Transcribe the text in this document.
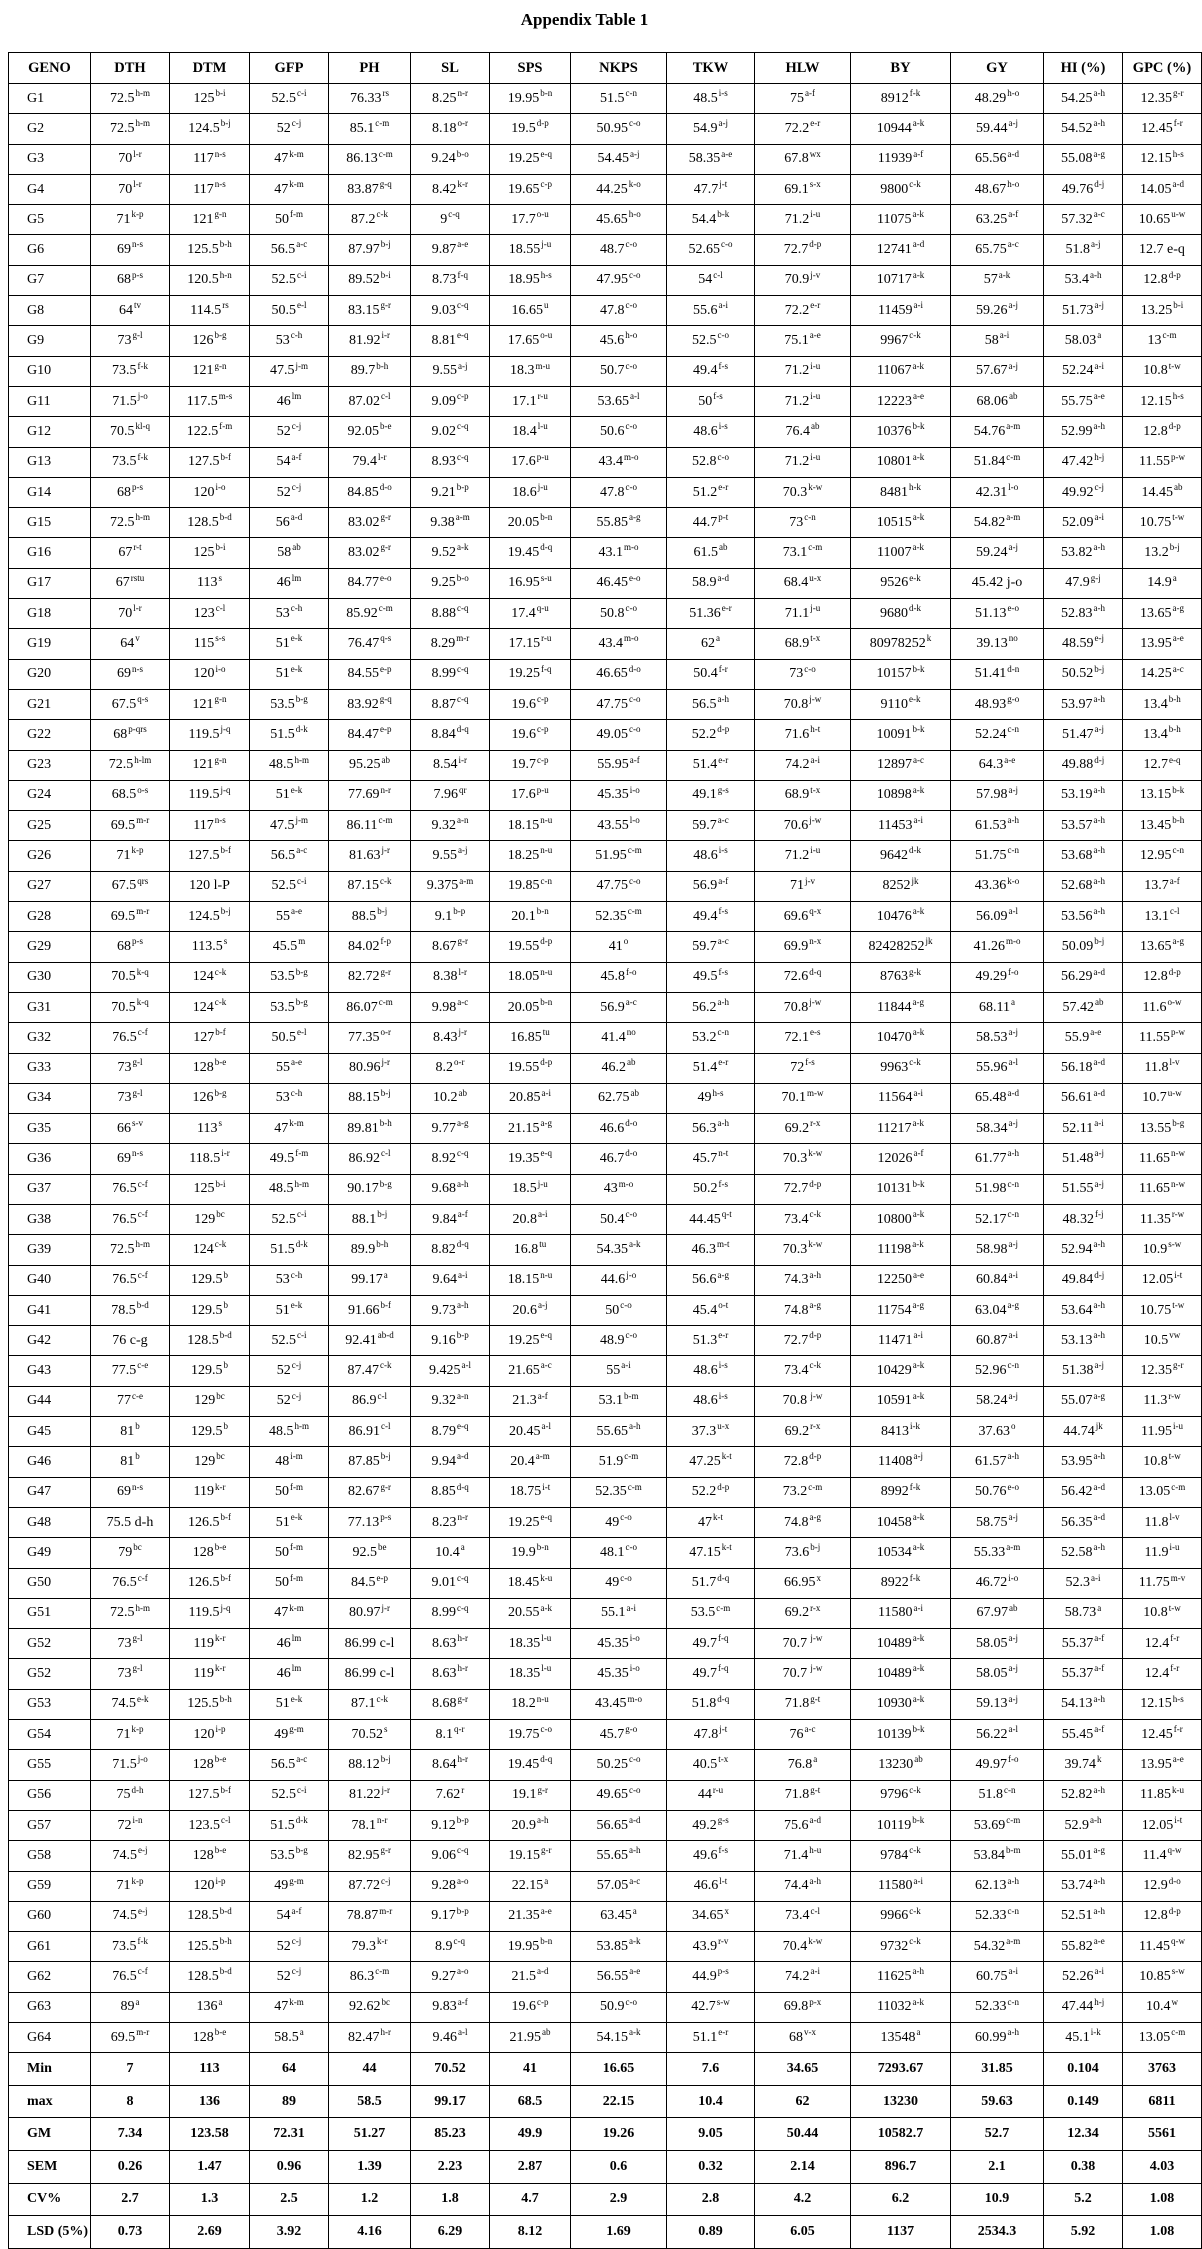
Appendix Table 1
GENO	DTH	DTM	GFP	PH	SL	SPS	NKPS	TKW	HLW	BY	GY	HI (%)	GPC (%)
G1	72.5$^{h-m}$	125$^{b-i}$	52.5$^{c-i}$	$76.33^{rs}$	8.25$^{n-r}$	19.95$^{b-n}$	51.5$^{c-n}$	48.5$^{i-s}$	75$^{a-f}$	8912$^{f-k}$	48.29$^{h-o}$	54.25$^{a-h}$	12.35$^{g-r}$
G2	72.5$^{h-m}$	124.5$^{b-j}$	52$^{c-j}$	85.1$^{c-m}$	8.18$^{o-r}$	19.5$^{d-p}$	50.95$^{c-o}$	54.9$^{a-j}$	72.2$^{e-r}$	10944$^{a-k}$	59.44$^{a-j}$	54.52$^{a-h}$	12.45$^{f-r}$
G3	70$^{l-r}$	117$^{n-s}$	47$^{k-m}$	86.13$^{c-m}$	9.24$^{b-o}$	19.25$^{e-q}$	54.45$^{a-j}$	58.35$^{a-e}$	$67.8^{wx}$	11939$^{a-f}$	65.56$^{a-d}$	55.08$^{a-g}$	12.15$^{h-s}$
G4	70$^{l-r}$	117$^{n-s}$	47$^{k-m}$	83.87$^{g-q}$	8.42$^{k-r}$	19.65$^{c-p}$	44.25$^{k-o}$	47.7$^{j-t}$	69.1$^{s-x}$	9800$^{c-k}$	48.67$^{h-o}$	49.76$^{d-j}$	14.05$^{a-d}$
G5	71$^{k-p}$	121$^{g-n}$	50$^{f-m}$	87.2$^{c-k}$	9$^{c-q}$	17.7$^{o-u}$	45.65$^{h-o}$	54.4$^{b-k}$	71.2$^{i-u}$	11075$^{a-k}$	63.25$^{a-f}$	57.32$^{a-c}$	10.65$^{u-w}$
G6	69$^{n-s}$	125.5$^{b-h}$	56.5$^{a-c}$	87.97$^{b-j}$	9.87$^{a-e}$	18.55$^{j-u}$	48.7$^{c-o}$	52.65$^{c-o}$	72.7$^{d-p}$	12741$^{a-d}$	65.75$^{a-c}$	51.8$^{a-j}$	12.7 e-q
G7	68$^{p-s}$	120.5$^{h-n}$	52.5$^{c-i}$	89.52$^{b-i}$	8.73$^{f-q}$	18.95$^{h-s}$	47.95$^{c-o}$	54$^{c-l}$	70.9$^{j-v}$	10717$^{a-k}$	57$^{a-k}$	53.4$^{a-h}$	12.8$^{d-p}$
G8	$64^{tv}$	$114.5^{rs}$	50.5$^{e-l}$	83.15$^{g-r}$	9.03$^{c-q}$	16.65$^u$	47.8$^{c-o}$	55.6$^{a-i}$	72.2$^{e-r}$	11459$^{a-i}$	59.26$^{a-j}$	51.73$^{a-j}$	13.25$^{b-i}$
G9	73$^{g-l}$	126$^{b-g}$	53$^{c-h}$	81.92$^{i-r}$	8.81$^{e-q}$	17.65$^{o-u}$	45.6$^{h-o}$	52.5$^{c-o}$	75.1$^{a-e}$	9967$^{c-k}$	58$^{a-i}$	58.03$^a$	13$^{c-m}$
G10	73.5$^{f-k}$	121$^{g-n}$	47.5$^{j-m}$	89.7$^{b-h}$	9.55$^{a-j}$	18.3$^{m-u}$	50.7$^{c-o}$	49.4$^{f-s}$	71.2$^{i-u}$	11067$^{a-k}$	57.67$^{a-j}$	52.24$^{a-i}$	10.8$^{t-w}$
G11	71.5$^{j-o}$	117.5$^{m-s}$	$46^{lm}$	87.02$^{c-l}$	9.09$^{c-p}$	17.1$^{r-u}$	53.65$^{a-l}$	50$^{f-s}$	71.2$^{i-u}$	12223$^{a-e}$	68.06$^{ab}$	55.75$^{a-e}$	12.15$^{h-s}$
G12	$70.5^{kl-q}$	122.5$^{f-m}$	52$^{c-j}$	92.05$^{b-e}$	9.02$^{c-q}$	18.4$^{l-u}$	50.6$^{c-o}$	48.6$^{i-s}$	76.4$^{ab}$	10376$^{b-k}$	54.76$^{a-m}$	52.99$^{a-h}$	12.8$^{d-p}$
G13	73.5$^{f-k}$	127.5$^{b-f}$	54$^{a-f}$	79.4$^{l-r}$	8.93$^{c-q}$	17.6$^{p-u}$	43.4$^{m-o}$	52.8$^{c-o}$	71.2$^{i-u}$	10801$^{a-k}$	51.84$^{c-m}$	47.42$^{h-j}$	11.55$^{p-w}$
G14	68$^{p-s}$	120$^{i-o}$	52$^{c-j}$	84.85$^{d-o}$	9.21$^{b-p}$	18.6$^{j-u}$	47.8$^{c-o}$	51.2$^{e-r}$	70.3$^{k-w}$	8481$^{h-k}$	42.31$^{l-o}$	49.92$^{c-j}$	14.45$^{ab}$
G15	72.5$^{h-m}$	128.5$^{b-d}$	56$^{a-d}$	83.02$^{g-r}$	9.38$^{a-m}$	20.05$^{b-n}$	55.85$^{a-g}$	44.7$^{p-t}$	73$^{c-n}$	10515$^{a-k}$	54.82$^{a-m}$	52.09$^{a-i}$	10.75$^{t-w}$
G16	67$^{r-t}$	125$^{b-i}$	$58^{ab}$	83.02$^{g-r}$	9.52$^{a-k}$	19.45$^{d-q}$	43.1$^{m-o}$	61.5$^{ab}$	73.1$^{c-m}$	11007$^{a-k}$	59.24$^{a-j}$	53.82$^{a-h}$	13.2$^{b-j}$
G17	$67^{rstu}$	113$^s$	$46^{lm}$	84.77$^{e-o}$	9.25$^{b-o}$	16.95$^{s-u}$	46.45$^{e-o}$	58.9$^{a-d}$	68.4$^{u-x}$	9526$^{e-k}$	45.42 j-o	47.9$^{g-j}$	14.9$^a$
G18	70$^{l-r}$	123$^{c-l}$	53$^{c-h}$	85.92$^{c-m}$	8.88$^{c-q}$	17.4$^{q-u}$	50.8$^{c-o}$	51.36$^{e-r}$	71.1$^{j-u}$	9680$^{d-k}$	51.13$^{e-o}$	52.83$^{a-h}$	13.65$^{a-g}$
G19	64$^v$	115$^{s-s}$	51$^{e-k}$	76.47$^{q-s}$	8.29$^{m-r}$	17.15$^{r-u}$	43.4$^{m-o}$	62$^a$	68.9$^{t-x}$	80978252$^k$	$39.13^{no}$	48.59$^{e-j}$	13.95$^{a-e}$
G20	69$^{n-s}$	120$^{i-o}$	51$^{e-k}$	84.55$^{e-p}$	8.99$^{c-q}$	19.25$^{f-q}$	46.65$^{d-o}$	50.4$^{f-r}$	73$^{c-o}$	10157$^{b-k}$	51.41$^{d-n}$	50.52$^{b-j}$	14.25$^{a-c}$
G21	67.5$^{q-s}$	121$^{g-n}$	53.5$^{b-g}$	83.92$^{g-q}$	8.87$^{c-q}$	19.6$^{c-p}$	47.75$^{c-o}$	56.5$^{a-h}$	70.8$^{j-w}$	9110$^{e-k}$	48.93$^{g-o}$	53.97$^{a-h}$	13.4$^{b-h}$
G22	$68^{p-qrs}$	119.5$^{j-q}$	51.5$^{d-k}$	84.47$^{e-p}$	8.84$^{d-q}$	19.6$^{c-p}$	49.05$^{c-o}$	52.2$^{d-p}$	71.6$^{h-t}$	10091$^{b-k}$	52.24$^{c-n}$	51.47$^{a-j}$	13.4$^{b-h}$
G23	$72.5^{h-lm}$	121$^{g-n}$	48.5$^{h-m}$	95.25$^{ab}$	8.54$^{i-r}$	19.7$^{c-p}$	55.95$^{a-f}$	51.4$^{e-r}$	74.2$^{a-i}$	12897$^{a-c}$	64.3$^{a-e}$	49.88$^{d-j}$	12.7$^{e-q}$
G24	68.5$^{o-s}$	119.5$^{j-q}$	51$^{e-k}$	77.69$^{n-r}$	$7.96^{qr}$	17.6$^{p-u}$	45.35$^{i-o}$	49.1$^{g-s}$	68.9$^{t-x}$	10898$^{a-k}$	57.98$^{a-j}$	53.19$^{a-h}$	13.15$^{b-k}$
G25	69.5$^{m-r}$	117$^{n-s}$	47.5$^{j-m}$	86.11$^{c-m}$	9.32$^{a-n}$	18.15$^{n-u}$	43.55$^{l-o}$	59.7$^{a-c}$	70.6$^{j-w}$	11453$^{a-i}$	61.53$^{a-h}$	53.57$^{a-h}$	13.45$^{b-h}$
G26	71$^{k-p}$	127.5$^{b-f}$	56.5$^{a-c}$	81.63$^{j-r}$	9.55$^{a-j}$	18.25$^{n-u}$	51.95$^{c-m}$	48.6$^{i-s}$	71.2$^{i-u}$	9642$^{d-k}$	51.75$^{c-n}$	53.68$^{a-h}$	12.95$^{c-n}$
G27	$67.5^{qrs}$	120 l-P	52.5$^{c-i}$	87.15$^{c-k}$	9.375$^{a-m}$	19.85$^{c-n}$	47.75$^{c-o}$	56.9$^{a-f}$	71$^{j-v}$	$8252^{jk}$	43.36$^{k-o}$	52.68$^{a-h}$	13.7$^{a-f}$
G28	69.5$^{m-r}$	124.5$^{b-j}$	55$^{a-e}$	88.5$^{b-j}$	9.1$^{b-p}$	20.1$^{b-n}$	52.35$^{c-m}$	49.4$^{f-s}$	69.6$^{q-x}$	10476$^{a-k}$	56.09$^{a-l}$	53.56$^{a-h}$	13.1$^{c-l}$
G29	68$^{p-s}$	113.5$^s$	45.5$^m$	84.02$^{f-p}$	8.67$^{g-r}$	19.55$^{d-p}$	41$^o$	59.7$^{a-c}$	69.9$^{n-x}$	$82428252^{jk}$	41.26$^{m-o}$	50.09$^{b-j}$	13.65$^{a-g}$
G30	70.5$^{k-q}$	124$^{c-k}$	53.5$^{b-g}$	82.72$^{g-r}$	8.38$^{l-r}$	18.05$^{n-u}$	45.8$^{f-o}$	49.5$^{f-s}$	72.6$^{d-q}$	8763$^{g-k}$	49.29$^{f-o}$	56.29$^{a-d}$	12.8$^{d-p}$
G31	70.5$^{k-q}$	124$^{c-k}$	53.5$^{b-g}$	86.07$^{c-m}$	9.98$^{a-c}$	20.05$^{b-n}$	56.9$^{a-c}$	56.2$^{a-h}$	70.8$^{j-w}$	11844$^{a-g}$	68.11$^a$	57.42$^{ab}$	11.6$^{o-w}$
G32	76.5$^{c-f}$	127$^{b-f}$	50.5$^{e-l}$	77.35$^{o-r}$	8.43$^{j-r}$	$16.85^{tu}$	$41.4^{no}$	53.2$^{c-n}$	72.1$^{e-s}$	10470$^{a-k}$	58.53$^{a-j}$	55.9$^{a-e}$	11.55$^{p-w}$
G33	73$^{g-l}$	128$^{b-e}$	55$^{a-e}$	80.96$^{j-r}$	8.2$^{o-r}$	19.55$^{d-p}$	46.2$^{ab}$	51.4$^{e-r}$	72$^{f-s}$	9963$^{c-k}$	55.96$^{a-l}$	56.18$^{a-d}$	11.8$^{l-v}$
G34	73$^{g-l}$	126$^{b-g}$	53$^{c-h}$	88.15$^{b-j}$	10.2$^{ab}$	20.85$^{a-i}$	62.75$^{ab}$	49$^{h-s}$	70.1$^{m-w}$	11564$^{a-i}$	65.48$^{a-d}$	56.61$^{a-d}$	10.7$^{u-w}$
G35	66$^{s-v}$	113$^s$	47$^{k-m}$	89.81$^{b-h}$	9.77$^{a-g}$	21.15$^{a-g}$	46.6$^{d-o}$	56.3$^{a-h}$	69.2$^{r-x}$	11217$^{a-k}$	58.34$^{a-j}$	52.11$^{a-i}$	13.55$^{b-g}$
G36	69$^{n-s}$	118.5$^{i-r}$	49.5$^{f-m}$	86.92$^{c-l}$	8.92$^{c-q}$	19.35$^{e-q}$	46.7$^{d-o}$	45.7$^{n-t}$	70.3$^{k-w}$	12026$^{a-f}$	61.77$^{a-h}$	51.48$^{a-j}$	11.65$^{n-w}$
G37	76.5$^{c-f}$	125$^{b-i}$	48.5$^{h-m}$	90.17$^{b-g}$	9.68$^{a-h}$	18.5$^{j-u}$	43$^{m-o}$	50.2$^{f-s}$	72.7$^{d-p}$	10131$^{b-k}$	51.98$^{c-n}$	51.55$^{a-j}$	11.65$^{n-w}$
G38	76.5$^{c-f}$	$129^{bc}$	52.5$^{c-i}$	88.1$^{b-j}$	9.84$^{a-f}$	20.8$^{a-i}$	50.4$^{c-o}$	44.45$^{q-t}$	73.4$^{c-k}$	10800$^{a-k}$	52.17$^{c-n}$	48.32$^{f-j}$	11.35$^{r-w}$
G39	72.5$^{h-m}$	124$^{c-k}$	51.5$^{d-k}$	89.9$^{b-h}$	8.82$^{d-q}$	$16.8^{tu}$	54.35$^{a-k}$	46.3$^{m-t}$	70.3$^{k-w}$	11198$^{a-k}$	58.98$^{a-j}$	52.94$^{a-h}$	10.9$^{s-w}$
G40	76.5$^{c-f}$	129.5$^b$	53$^{c-h}$	99.17$^a$	9.64$^{a-i}$	18.15$^{n-u}$	44.6$^{j-o}$	56.6$^{a-g}$	74.3$^{a-h}$	12250$^{a-e}$	60.84$^{a-i}$	49.84$^{d-j}$	12.05$^{i-t}$
G41	78.5$^{b-d}$	129.5$^b$	51$^{e-k}$	91.66$^{b-f}$	9.73$^{a-h}$	20.6$^{a-j}$	50$^{c-o}$	45.4$^{o-t}$	74.8$^{a-g}$	11754$^{a-g}$	63.04$^{a-g}$	53.64$^{a-h}$	10.75$^{t-w}$
G42	76 c-g	128.5$^{b-d}$	52.5$^{c-i}$	$92.41^{ab-d}$	9.16$^{b-p}$	19.25$^{e-q}$	48.9$^{c-o}$	51.3$^{e-r}$	72.7$^{d-p}$	11471$^{a-i}$	60.87$^{a-i}$	53.13$^{a-h}$	$10.5^{vw}$
G43	77.5$^{c-e}$	129.5$^b$	52$^{c-j}$	87.47$^{c-k}$	9.425$^{a-l}$	21.65$^{a-c}$	55$^{a-i}$	48.6$^{i-s}$	73.4$^{c-k}$	10429$^{a-k}$	52.96$^{c-n}$	51.38$^{a-j}$	12.35$^{g-r}$
G44	77$^{c-e}$	$129^{bc}$	52$^{c-j}$	86.9$^{c-l}$	9.32$^{a-n}$	21.3$^{a-f}$	53.1$^{b-m}$	48.6$^{i-s}$	70.8 $^{j-w}$	10591$^{a-k}$	58.24$^{a-j}$	55.07$^{a-g}$	11.3$^{r-w}$
G45	81$^b$	129.5$^b$	48.5$^{h-m}$	86.91$^{c-l}$	8.79$^{e-q}$	20.45$^{a-l}$	55.65$^{a-h}$	37.3$^{u-x}$	69.2$^{r-x}$	8413$^{i-k}$	37.63$^o$	$44.74^{jk}$	11.95$^{i-u}$
G46	81$^b$	$129^{bc}$	48$^{i-m}$	87.85$^{b-j}$	9.94$^{a-d}$	20.4$^{a-m}$	51.9$^{c-m}$	47.25$^{k-t}$	72.8$^{d-p}$	11408$^{a-j}$	61.57$^{a-h}$	53.95$^{a-h}$	10.8$^{t-w}$
G47	69$^{n-s}$	119$^{k-r}$	50$^{f-m}$	82.67$^{g-r}$	8.85$^{d-q}$	18.75$^{i-t}$	52.35$^{c-m}$	52.2$^{d-p}$	73.2$^{c-m}$	8992$^{f-k}$	50.76$^{e-o}$	56.42$^{a-d}$	13.05$^{c-m}$
G48	75.5 d-h	126.5$^{b-f}$	51$^{e-k}$	77.13$^{p-s}$	8.23$^{n-r}$	19.25$^{e-q}$	49$^{c-o}$	47$^{k-t}$	74.8$^{a-g}$	10458$^{a-k}$	58.75$^{a-j}$	56.35$^{a-d}$	11.8$^{l-v}$
G49	$79^{bc}$	128$^{b-e}$	50$^{f-m}$	92.5$^{be}$	10.4$^a$	19.9$^{b-n}$	48.1$^{c-o}$	47.15$^{k-t}$	73.6$^{b-j}$	10534$^{a-k}$	55.33$^{a-m}$	52.58$^{a-h}$	11.9$^{i-u}$
G50	76.5$^{c-f}$	126.5$^{b-f}$	50$^{f-m}$	84.5$^{e-p}$	9.01$^{c-q}$	18.45$^{k-u}$	49$^{c-o}$	51.7$^{d-q}$	66.95$^x$	8922$^{f-k}$	46.72$^{i-o}$	52.3$^{a-i}$	11.75$^{m-v}$
G51	72.5$^{h-m}$	119.5$^{j-q}$	47$^{k-m}$	80.97$^{j-r}$	8.99$^{c-q}$	20.55$^{a-k}$	55.1$^{a-i}$	53.5$^{c-m}$	69.2$^{r-x}$	11580$^{a-i}$	67.97$^{ab}$	58.73$^a$	10.8$^{t-w}$
G52	73$^{g-l}$	119$^{k-r}$	$46^{lm}$	86.99 c-l	8.63$^{h-r}$	18.35$^{l-u}$	45.35$^{i-o}$	49.7$^{f-q}$	70.7 $^{j-w}$	10489$^{a-k}$	58.05$^{a-j}$	55.37$^{a-f}$	12.4$^{f-r}$
G52	73$^{g-l}$	119$^{k-r}$	$46^{lm}$	86.99 c-l	8.63$^{h-r}$	18.35$^{l-u}$	45.35$^{i-o}$	49.7$^{f-q}$	70.7 $^{j-w}$	10489$^{a-k}$	58.05$^{a-j}$	55.37$^{a-f}$	12.4$^{f-r}$
G53	74.5$^{e-k}$	125.5$^{b-h}$	51$^{e-k}$	87.1$^{c-k}$	8.68$^{g-r}$	18.2$^{n-u}$	43.45$^{m-o}$	51.8$^{d-q}$	71.8$^{g-t}$	10930$^{a-k}$	59.13$^{a-j}$	54.13$^{a-h}$	12.15$^{h-s}$
G54	71$^{k-p}$	120$^{i-p}$	49$^{g-m}$	70.52$^s$	8.1$^{q-r}$	19.75$^{c-o}$	45.7$^{g-o}$	47.8$^{j-t}$	76$^{a-c}$	10139$^{b-k}$	56.22$^{a-l}$	55.45$^{a-f}$	12.45$^{f-r}$
G55	71.5$^{j-o}$	128$^{b-e}$	56.5$^{a-c}$	88.12$^{b-j}$	8.64$^{h-r}$	19.45$^{d-q}$	50.25$^{c-o}$	40.5$^{t-x}$	76.8$^a$	$13230^{ab}$	49.97$^{f-o}$	39.74$^k$	13.95$^{a-e}$
G56	75$^{d-h}$	127.5$^{b-f}$	52.5$^{c-i}$	81.22$^{j-r}$	7.62$^r$	19.1$^{g-r}$	49.65$^{c-o}$	44$^{r-u}$	71.8$^{g-t}$	9796$^{c-k}$	51.8$^{c-n}$	52.82$^{a-h}$	11.85$^{k-u}$
G57	72$^{i-n}$	123.5$^{c-l}$	51.5$^{d-k}$	78.1$^{n-r}$	9.12$^{b-p}$	20.9$^{a-h}$	56.65$^{a-d}$	49.2$^{g-s}$	75.6$^{a-d}$	10119$^{b-k}$	53.69$^{c-m}$	52.9$^{a-h}$	12.05$^{i-t}$
G58	74.5$^{e-j}$	128$^{b-e}$	53.5$^{b-g}$	82.95$^{g-r}$	9.06$^{c-q}$	19.15$^{g-r}$	55.65$^{a-h}$	49.6$^{f-s}$	71.4$^{h-u}$	9784$^{c-k}$	53.84$^{b-m}$	55.01$^{a-g}$	11.4$^{q-w}$
G59	71$^{k-p}$	120$^{i-p}$	49$^{g-m}$	87.72$^{c-j}$	9.28$^{a-o}$	22.15$^a$	57.05$^{a-c}$	46.6$^{l-t}$	74.4$^{a-h}$	11580$^{a-i}$	62.13$^{a-h}$	53.74$^{a-h}$	12.9$^{d-o}$
G60	74.5$^{e-j}$	128.5$^{b-d}$	54$^{a-f}$	78.87$^{m-r}$	9.17$^{b-p}$	21.35$^{a-e}$	63.45$^a$	34.65$^x$	73.4$^{c-l}$	9966$^{c-k}$	52.33$^{c-n}$	52.51$^{a-h}$	12.8$^{d-p}$
G61	73.5$^{f-k}$	125.5$^{b-h}$	52$^{c-j}$	79.3$^{k-r}$	8.9$^{c-q}$	19.95$^{b-n}$	53.85$^{a-k}$	43.9$^{r-v}$	70.4$^{k-w}$	9732$^{c-k}$	54.32$^{a-m}$	55.82$^{a-e}$	11.45$^{q-w}$
G62	76.5$^{c-f}$	128.5$^{b-d}$	52$^{c-j}$	86.3$^{c-m}$	9.27$^{a-o}$	21.5$^{a-d}$	56.55$^{a-e}$	44.9$^{p-s}$	74.2$^{a-i}$	11625$^{a-h}$	60.75$^{a-i}$	52.26$^{a-i}$	10.85$^{s-w}$
G63	89$^a$	136$^a$	47$^{k-m}$	92.62$^{bc}$	9.83$^{a-f}$	19.6$^{c-p}$	50.9$^{c-o}$	42.7$^{s-w}$	69.8$^{p-x}$	11032$^{a-k}$	52.33$^{c-n}$	47.44$^{h-j}$	10.4$^w$
G64	69.5$^{m-r}$	128$^{b-e}$	58.5$^a$	82.47$^{h-r}$	9.46$^{a-l}$	21.95$^{ab}$	54.15$^{a-k}$	51.1$^{e-r}$	68$^{v-x}$	13548$^a$	60.99$^{a-h}$	45.1$^{i-k}$	13.05$^{c-m}$
Min	7	113	64	44	70.52	41	16.65	7.6	34.65	7293.67	31.85	0.104	3763
max	8	136	89	58.5	99.17	68.5	22.15	10.4	62	13230	59.63	0.149	6811
GM	7.34	123.58	72.31	51.27	85.23	49.9	19.26	9.05	50.44	10582.7	52.7	12.34	5561
SEM	0.26	1.47	0.96	1.39	2.23	2.87	0.6	0.32	2.14	896.7	2.1	0.38	4.03
CV%	2.7	1.3	2.5	1.2	1.8	4.7	2.9	2.8	4.2	6.2	10.9	5.2	1.08
LSD (5%)	0.73	2.69	3.92	4.16	6.29	8.12	1.69	0.89	6.05	1137	2534.3	5.92	1.08
